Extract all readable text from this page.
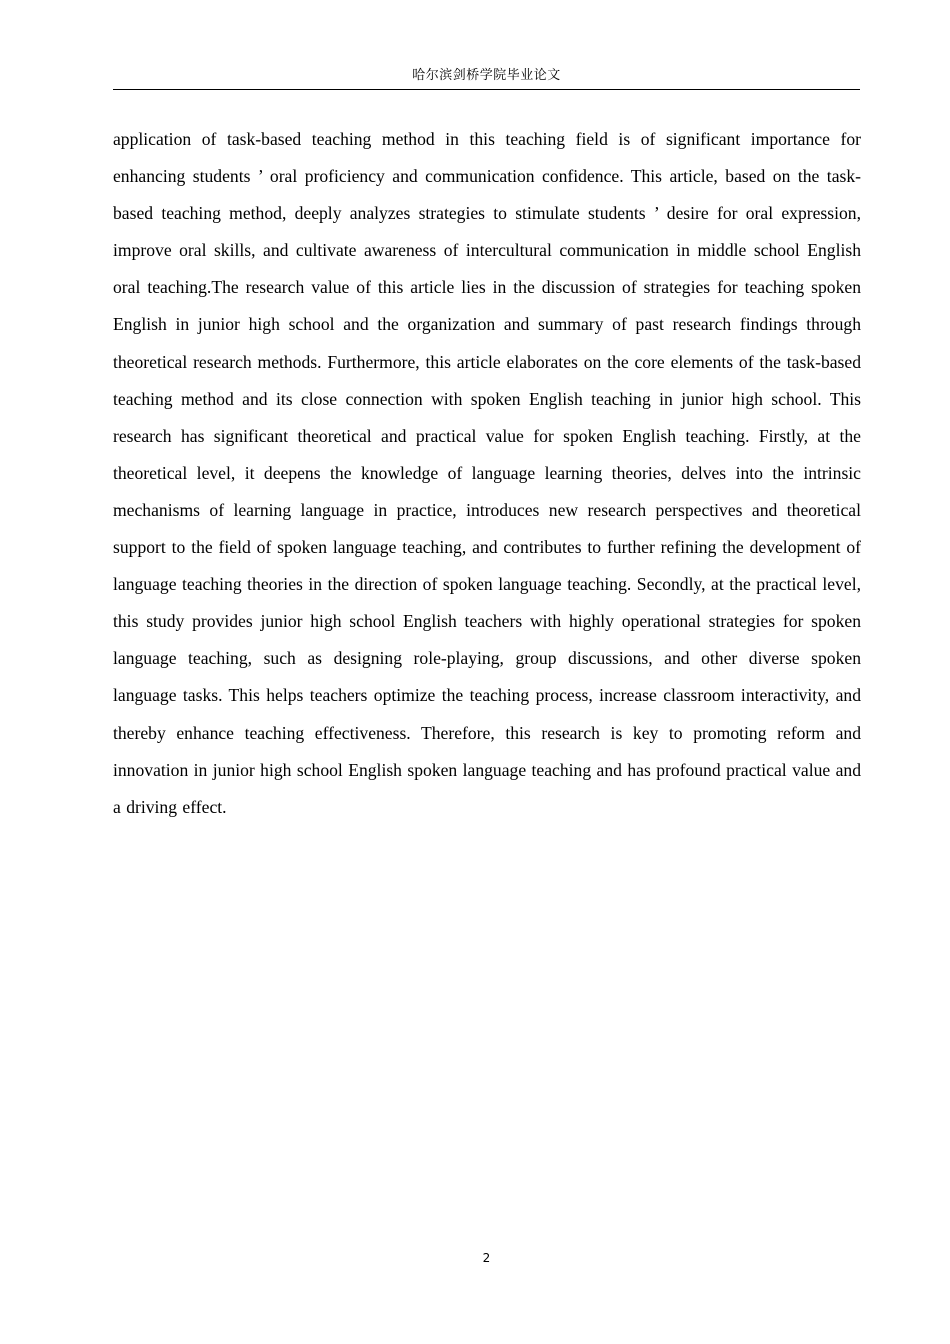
哈尔滨剑桥学院毕业论文

application of task-based teaching method in this teaching field is of significant importance for enhancing students ’ oral proficiency and communication confidence. This article, based on the task-based teaching method, deeply analyzes strategies to stimulate students ’ desire for oral expression, improve oral skills, and cultivate awareness of intercultural communication in middle school English oral teaching.The research value of this article lies in the discussion of strategies for teaching spoken English in junior high school and the organization and summary of past research findings through theoretical research methods. Furthermore, this article elaborates on the core elements of the task-based teaching method and its close connection with spoken English teaching in junior high school. This research has significant theoretical and practical value for spoken English teaching. Firstly, at the theoretical level, it deepens the knowledge of language learning theories, delves into the intrinsic mechanisms of learning language in practice, introduces new research perspectives and theoretical support to the field of spoken language teaching, and contributes to further refining the development of language teaching theories in the direction of spoken language teaching. Secondly, at the practical level, this study provides junior high school English teachers with highly operational strategies for spoken language teaching, such as designing role-playing, group discussions, and other diverse spoken language tasks. This helps teachers optimize the teaching process, increase classroom interactivity, and thereby enhance teaching effectiveness. Therefore, this research is key to promoting reform and innovation in junior high school English spoken language teaching and has profound practical value and a driving effect.

2
